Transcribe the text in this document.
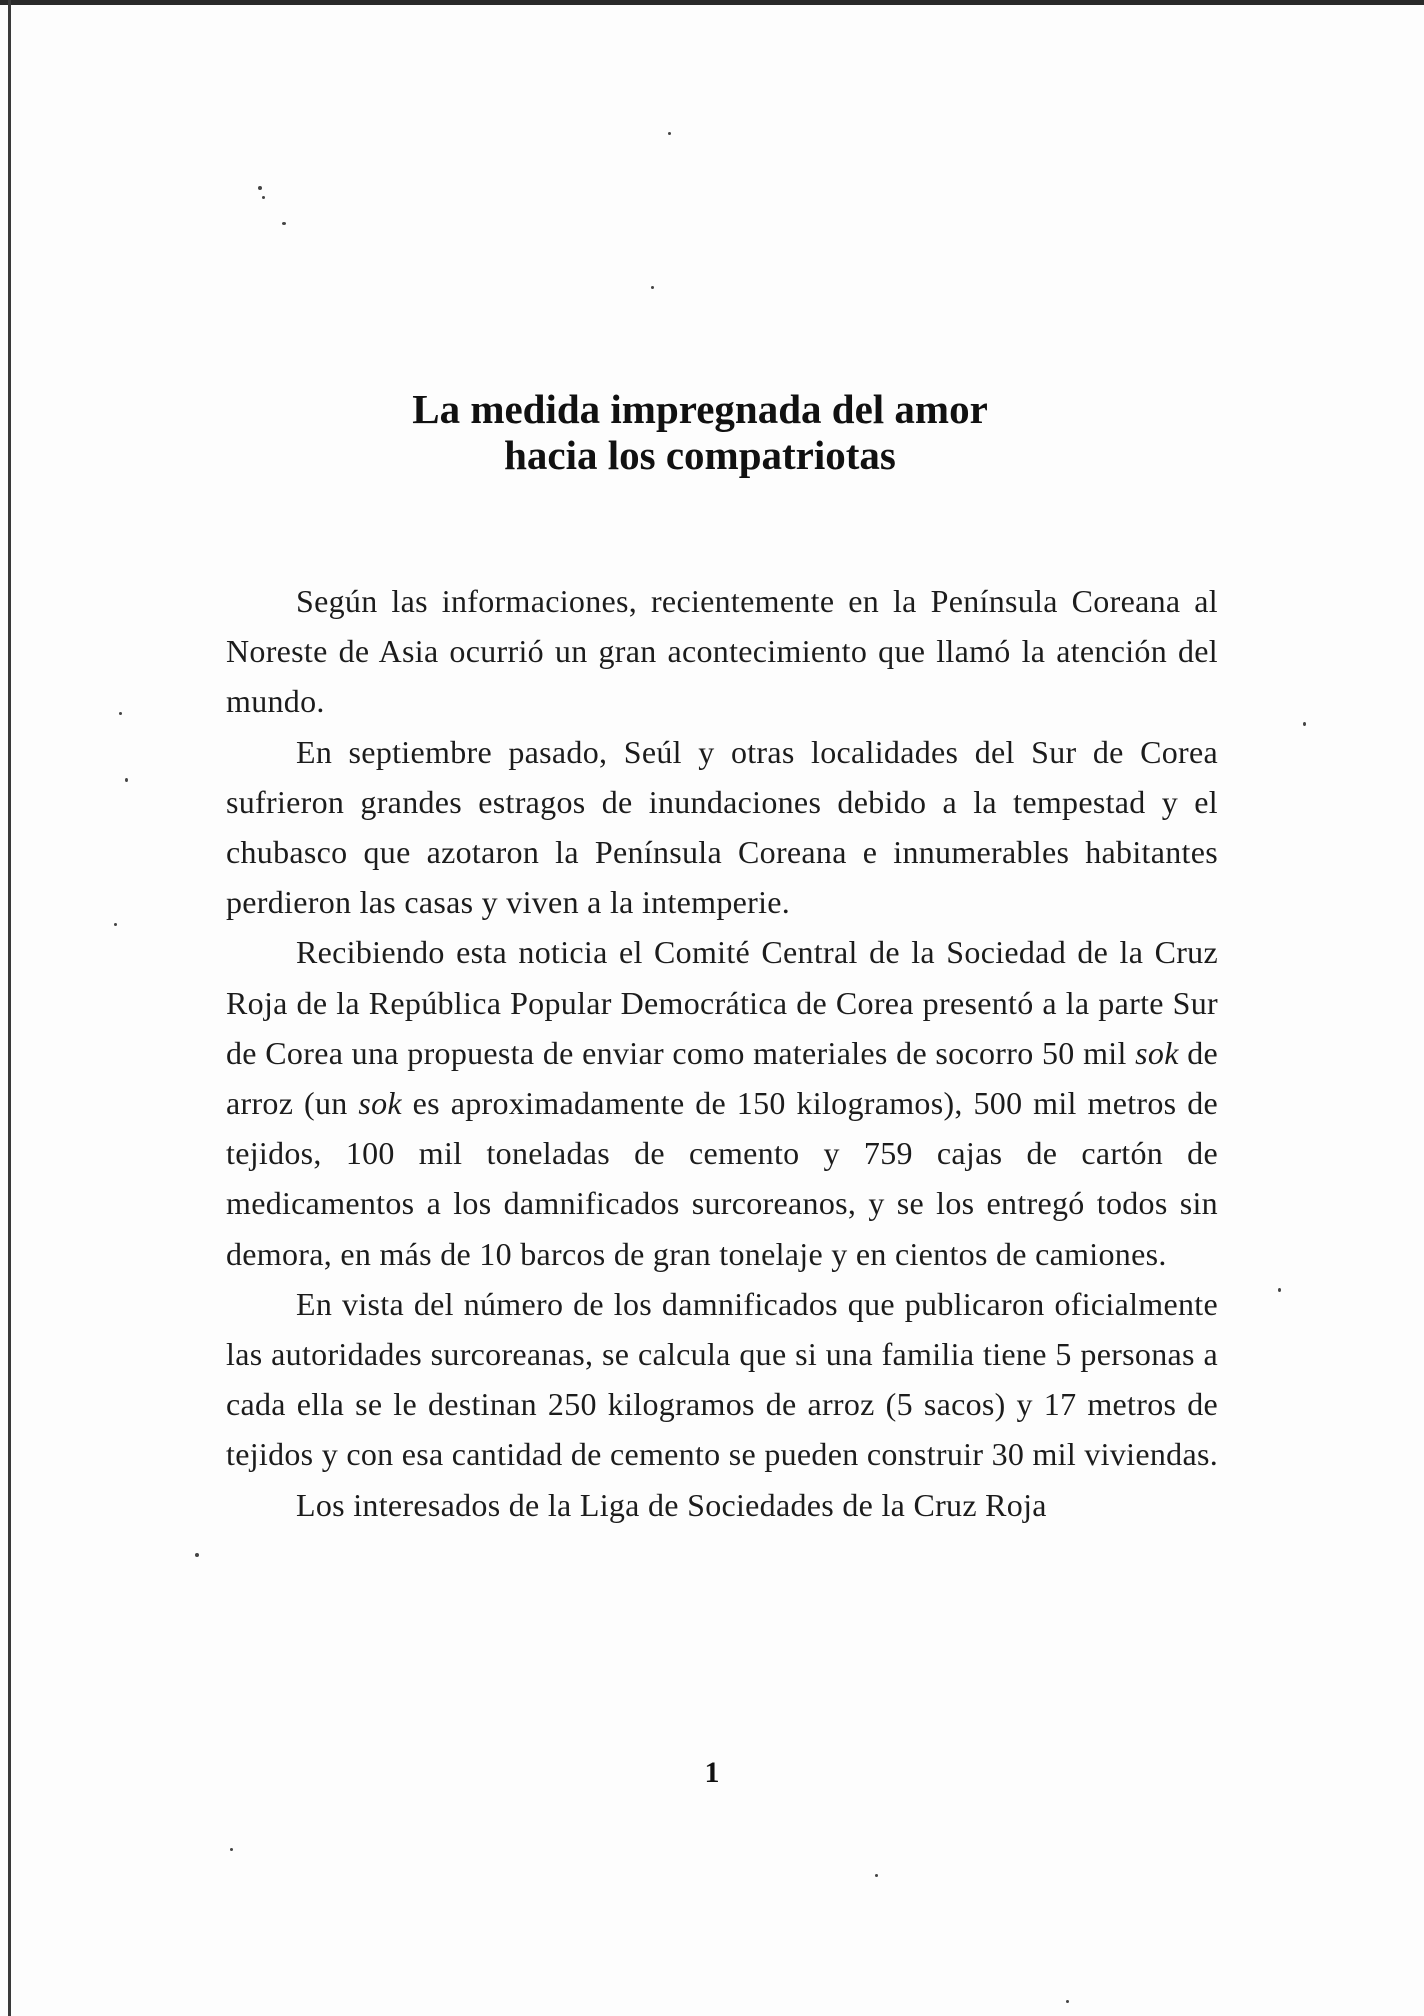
La medida impregnada del amor
hacia los compatriotas

Según las informaciones, recientemente en la Península Coreana al Noreste de Asia ocurrió un gran acontecimiento que llamó la atención del mundo.

En septiembre pasado, Seúl y otras localidades del Sur de Corea sufrieron grandes estragos de inundaciones debido a la tempestad y el chubasco que azotaron la Península Coreana e innumerables habitantes perdieron las casas y viven a la intemperie.

Recibiendo esta noticia el Comité Central de la Sociedad de la Cruz Roja de la República Popular Democrática de Corea presentó a la parte Sur de Corea una propuesta de enviar como materiales de socorro 50 mil sok de arroz (un sok es aproximadamente de 150 kilogramos), 500 mil metros de tejidos, 100 mil toneladas de cemento y 759 cajas de cartón de medicamentos a los damnificados surcoreanos, y se los entregó todos sin demora, en más de 10 barcos de gran tonelaje y en cientos de camiones.

En vista del número de los damnificados que publicaron oficialmente las autoridades surcoreanas, se calcula que si una familia tiene 5 personas a cada ella se le destinan 250 kilogramos de arroz (5 sacos) y 17 metros de tejidos y con esa cantidad de cemento se pueden construir 30 mil viviendas.

Los interesados de la Liga de Sociedades de la Cruz Roja

1
